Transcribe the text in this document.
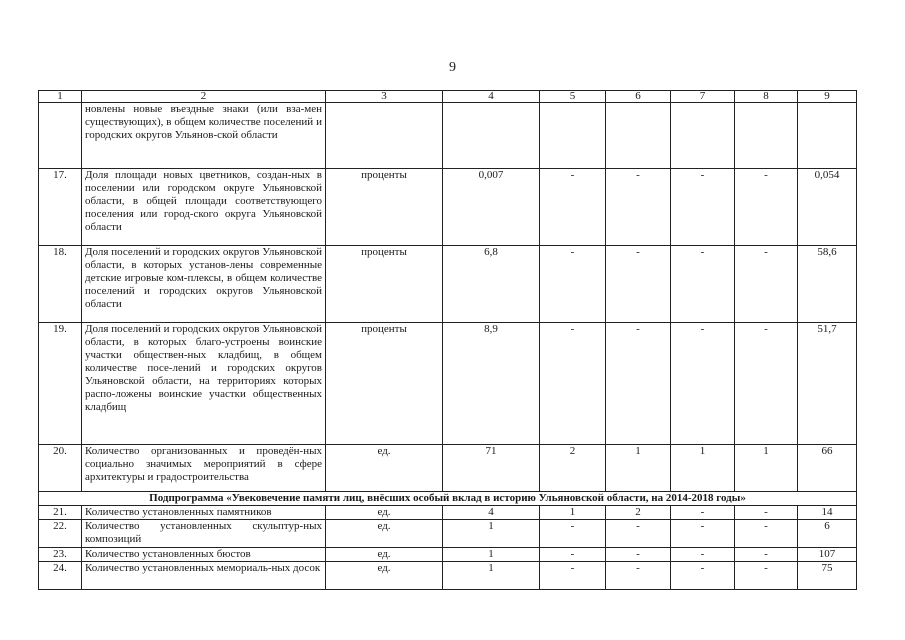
9
1	2	3	4	5	6	7	8	9
	новлены новые въездные знаки (или вза-мен существующих), в общем количестве поселений и городских округов Ульянов-ской области							
17.	Доля площади новых цветников, создан-ных в поселении или городском округе Ульяновской области, в общей площади соответствующего поселения или город-ского округа Ульяновской области	проценты	0,007	-	-	-	-	0,054
18.	Доля поселений и городских округов Ульяновской области, в которых установ-лены современные детские игровые ком-плексы, в общем количестве поселений и городских округов Ульяновской области	проценты	6,8	-	-	-	-	58,6
19.	Доля поселений и городских округов Ульяновской области, в которых благо-устроены воинские участки обществен-ных кладбищ, в общем количестве посе-лений и городских округов Ульяновской области, на территориях которых распо-ложены воинские участки общественных кладбищ	проценты	8,9	-	-	-	-	51,7
20.	Количество организованных и проведён-ных социально значимых мероприятий в сфере архитектуры и градостроительства	ед.	71	2	1	1	1	66
Подпрограмма «Увековечение памяти лиц, внёсших особый вклад в историю Ульяновской области, на 2014-2018 годы»								
21.	Количество установленных памятников	ед.	4	1	2	-	-	14
22.	Количество установленных скульптур-ных композиций	ед.	1	-	-	-	-	6
23.	Количество установленных бюстов	ед.	1	-	-	-	-	107
24.	Количество установленных мемориаль-ных досок	ед.	1	-	-	-	-	75
